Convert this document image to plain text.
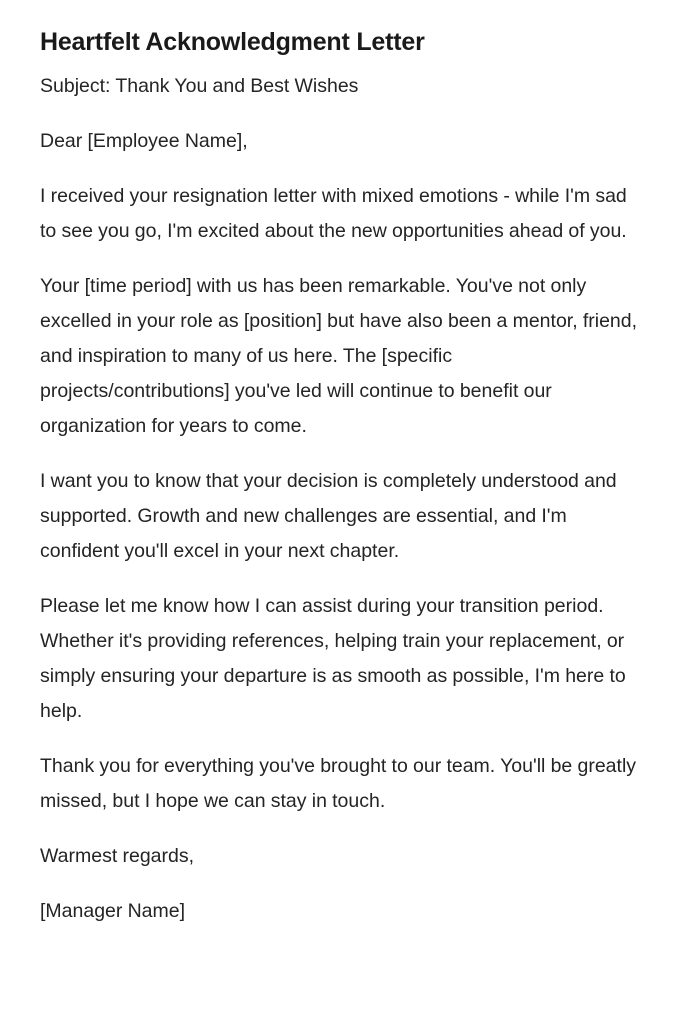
Heartfelt Acknowledgment Letter

Subject: Thank You and Best Wishes

Dear [Employee Name],

I received your resignation letter with mixed emotions - while I'm sad to see you go, I'm excited about the new opportunities ahead of you.

Your [time period] with us has been remarkable. You've not only excelled in your role as [position] but have also been a mentor, friend, and inspiration to many of us here. The [specific projects/contributions] you've led will continue to benefit our organization for years to come.

I want you to know that your decision is completely understood and supported. Growth and new challenges are essential, and I'm confident you'll excel in your next chapter.

Please let me know how I can assist during your transition period. Whether it's providing references, helping train your replacement, or simply ensuring your departure is as smooth as possible, I'm here to help.

Thank you for everything you've brought to our team. You'll be greatly missed, but I hope we can stay in touch.

Warmest regards,

[Manager Name]
